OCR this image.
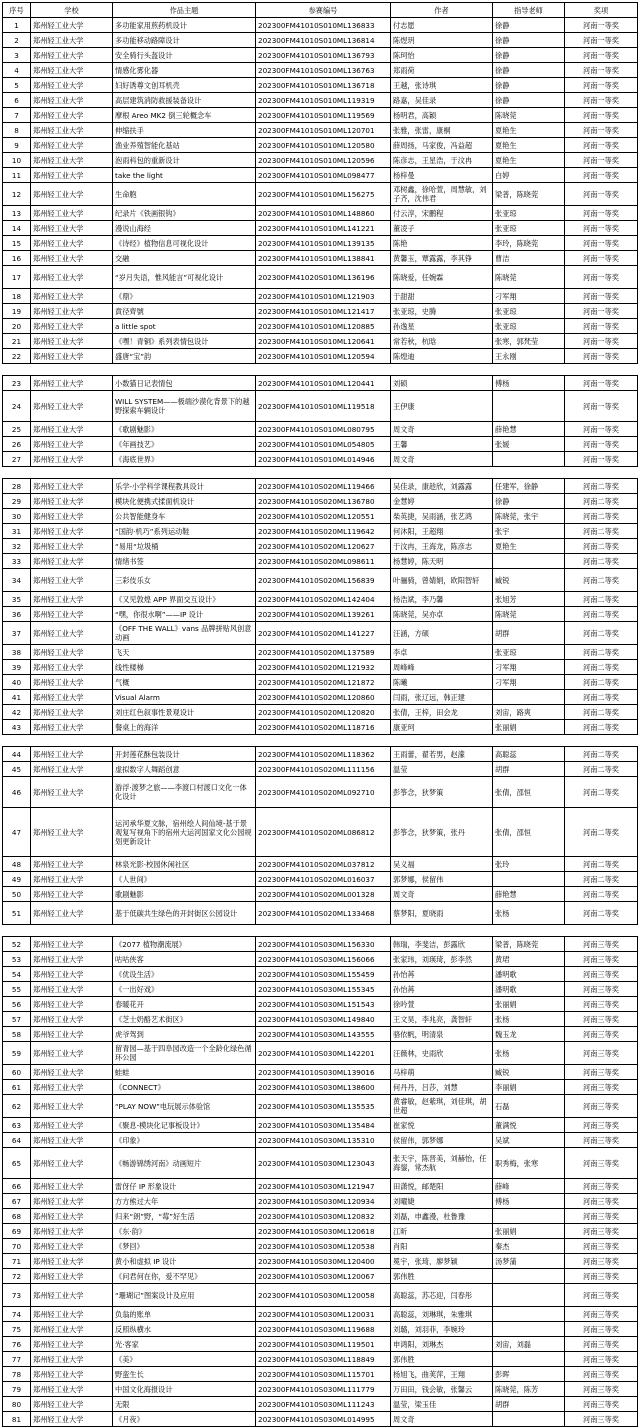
序号	学校	作品主题	参赛编号	作者	指导老师	奖项
1	郑州轻工业大学	多功能家用煎药机设计	202300FM41010S010ML136833	付志愿	徐静	河南一等奖
2	郑州轻工业大学	多功能移动路障设计	202300FM41010S010ML136814	陈煜玥	徐静	河南一等奖
3	郑州轻工业大学	安全骑行头盔设计	202300FM41010S010ML136793	陈珂怡	徐静	河南一等奖
4	郑州轻工业大学	情感化雾化器	202300FM41010S010ML136763	郑雨荷	徐静	河南一等奖
5	郑州轻工业大学	妇好诱尊文创耳机壳	202300FM41010S010ML136718	王越，张诗琪	徐静	河南一等奖
6	郑州轻工业大学	高层建筑消防救援装备设计	202300FM41010S010ML119319	路嘉，吴佳录	徐静	河南一等奖
7	郑州轻工业大学	摩根 Areo MK2 倒三轮概念车	202300FM41010S010ML119569	杨明君，高颖	陈晓莞	河南一等奖
8	郑州轻工业大学	伸缩扶手	202300FM41010S010ML120701	张雅，张雷，康桐	夏艳生	河南一等奖
9	郑州轻工业大学	渔业养殖智能化基站	202300FM41010S010ML120580	薛周扬，马家俊，冯益超	夏艳生	河南一等奖
10	郑州轻工业大学	泡雨科包的重新设计	202300FM41010S010ML120596	陈彦志，王星浩，于汶冉	夏艳生	河南一等奖
11	郑州轻工业大学	take the light	202300FM41010S010ML098477	杨梓曼	白婷	河南一等奖
12	郑州轻工业大学	生命胞	202300FM41010S010ML156275	邓树鑫，徐哈萱，周慧敏，刘子齐，沈伟君	梁普，陈晓莞	河南一等奖
13	郑州轻工业大学	纪录片《铁画银钩》	202300FM41010S010ML148860	付云淳，宋鹏程	张亚琼	河南一等奖
14	郑州轻工业大学	漫说山海经	202300FM41010S010ML141221	董凌子	张亚琼	河南一等奖
15	郑州轻工业大学	《诗经》植物信息可视化设计	202300FM41010S010ML139135	陈艳	李玲，陈晓莞	河南一等奖
16	郑州轻工业大学	交融	202300FM41010S010ML138841	黄馨玉，覃露露，李其铮	曹洁	河南一等奖
17	郑州轻工业大学	“岁月失语，惟风能言”可视化设计	202300FM41020S010ML136196	陈晓爱，任婉霖	陈晓莞	河南一等奖
18	郑州轻工业大学	《鼎》	202300FM41010S010ML121903	于甜甜	刁军翔	河南一等奖
19	郑州轻工业大学	賁径齊號	202300FM41010S010ML121417	张亚琼，史腾	张亚琼	河南一等奖
20	郑州轻工业大学	a little spot	202300FM41010S010ML120885	孙逸星	张亚琼	河南一等奖
21	郑州轻工业大学	《嘿！青铜》系列表情包设计	202300FM41010S010ML120641	常若秋，杭晗	张寒，郭梵莹	河南一等奖
22	郑州轻工业大学	盛唐“宝”韵	202300FM41010S010ML120594	陈煌迪	王永刚	河南一等奖

23	郑州轻工业大学	小数猫日记表情包	202300FM41010S010ML120441	刘硕	傅杨	河南一等奖
24	郑州轻工业大学	WILL SYSTEM——极端沙漠化背景下的越野探索车辆设计	202300FM41010S010ML119518	王伊康		河南一等奖
25	郑州轻工业大学	《歌剧魅影》	202300FM41010S010ML080795	周文奇	薛艳慧	河南一等奖
26	郑州轻工业大学	《年画技艺》	202300FM41010S010ML054805	王馨	张媛	河南一等奖
27	郑州轻工业大学	《海底世界》	202300FM41010S010ML014946	周文奇		河南一等奖

28	郑州轻工业大学	乐学-小学科学课程教具设计	202300FM41010S020ML119466	吴佳录，康趁欣，刘露露	任建军，徐静	河南二等奖
29	郑州轻工业大学	模块化便携式揉面机设计	202300FM41010S020ML136780	金慧婷	徐静	河南二等奖
30	郑州轻工业大学	公共智能健身车	202300FM41010S020ML120551	柴英捷，吴雨涵，张艺鸿	陈晓莞，张宇	河南二等奖
31	郑州轻工业大学	“国韵·机巧”系列运动鞋	202300FM41010S020ML119642	何沐阳，王超翔	张宇	河南二等奖
32	郑州轻工业大学	“易用“垃圾桶	202300FM41010S020ML120627	于汶冉，王海龙，陈彦志	夏艳生	河南二等奖
33	郑州轻工业大学	情绪书签	202300FM41010S020ML098611	杨慧婷，陈天明		河南二等奖
34	郑州轻工业大学	三彩伎乐女	202300FM41010S020ML156839	叶骊骑，曾婧娟，欧阳智轩	臧锐	河南二等奖
35	郑州轻工业大学	《又见敦煌 APP 界面交互设计》	202300FM41010S020ML142404	杨浩斌，李乃馨	张旭芳	河南二等奖
36	郑州轻工业大学	“嘿，你很水啊”——IP 设计	202300FM41010S020ML139261	陈晓莞，吴亦卓	陈晓莞	河南二等奖
37	郑州轻工业大学	《OFF THE WALL》vans 品牌拼贴风创意动画	202300FM41010S020ML141227	汪涵，方硕	胡群	河南二等奖
38	郑州轻工业大学	飞天	202300FM41010S020ML137589	李卓	张亚琼	河南二等奖
39	郑州轻工业大学	线性楼梯	202300FM41010S020ML121932	周峰峰	刁军翔	河南二等奖
40	郑州轻工业大学	气概	202300FM41010S020ML121872	陈曦	刁军翔	河南二等奖
41	郑州轻工业大学	Visual Alarm	202300FM41010S020ML120860	闫雨，张辽远，韩正建		河南二等奖
42	郑州轻工业大学	刘庄红色叙事性景观设计	202300FM41010S020ML120820	张倩，王梓，田会龙	刘宙，路爽	河南二等奖
43	郑州轻工业大学	餐桌上的海洋	202300FM41010S020ML118716	康亚珂	张丽娟	河南二等奖

44	郑州轻工业大学	开封莲花酥包装设计	202300FM41010S020ML118362	王雨蕾，翟若男，赵濛	高聪蕊	河南二等奖
45	郑州轻工业大学	虚拟数字人舞蹈创意	202300FM41010S020ML111156	温莹	胡群	河南二等奖
46	郑州轻工业大学	游浮·渡梦之旅——李渡口村渡口文化一体化设计	202300FM41010S020ML092710	彭筝念，狄梦策	张倩，邵恒	河南二等奖
47	郑州轻工业大学	运河承华夏文脉，宿州绘人间仙境-基于景观复写视角下的宿州大运河国家文化公园规划更新设计	202300FM41010S020ML086812	彭筝念，狄梦策，张丹	张倩，邵恒	河南二等奖
48	郑州轻工业大学	林泉光影·校园休闲社区	202300FM41010S020ML037812	吴义福	张玲	河南二等奖
49	郑州轻工业大学	《人世间》	202300FM41010S020ML016037	郭梦娜，侯留伟		河南二等奖
50	郑州轻工业大学	歌剧魅影	202300FM41010S020ML001328	周文奇	薛艳慧	河南二等奖
51	郑州轻工业大学	基于低碳共生绿色的开封街区公园设计	202300FM41010S020ML133468	蔡梦阳，夏晓雨	张杨	河南二等奖

52	郑州轻工业大学	《2077 植物潮流展》	202300FM41010S030ML156330	韩瑞，李斐洁，彭露欣	梁普，陈晓莞	河南三等奖
53	郑州轻工业大学	咕咕侠客	202300FM41010S030ML156066	张家玮，刘瑛琦，彭李然	黄珺	河南三等奖
54	郑州轻工业大学	《优设生活》	202300FM41010S030ML155459	孙怡苒	潘明歌	河南三等奖
55	郑州轻工业大学	《一出好戏》	202300FM41010S030ML155345	孙怡苒	潘明歌	河南三等奖
56	郑州轻工业大学	春暖花开	202300FM41010S030ML151543	徐吟萱	张丽娟	河南三等奖
57	郑州轻工业大学	《芝士奶酪艺术街区》	202300FM41010S030ML149840	王文昊，李兆亮，龚智轩	张杨	河南三等奖
58	郑州轻工业大学	虎爷驾到	202300FM41010S030ML143555	骆依帆，明清泉	魏玉龙	河南三等奖
59	郑州轻工业大学	留青园—基于四阜园改造一个全龄化绿色循环公园	202300FM41010S030ML142201	汪薇林，史雨欣	张杨	河南三等奖
60	郑州轻工业大学	蛙蛙	202300FM41010S030ML139016	马梓萌	臧锐	河南三等奖
61	郑州轻工业大学	《CONNECT》	202300FM41010S030ML138600	何丹丹，吕莎，刘慧	李丽娟	河南三等奖
62	郑州轻工业大学	“PLAY NOW”电玩展示体验馆	202300FM41010S030ML135535	黄睿敏，赵紫琪，刘佳琪，胡世超	石磊	河南三等奖
63	郑州轻工业大学	《聚息-模块化记事板设计》	202300FM41010S030ML135484	崔家悦	董满悦	河南三等奖
64	郑州轻工业大学	《印象》	202300FM41010S030ML135310	侯留伟，郭梦娜	吴斌	河南三等奖
65	郑州轻工业大学	《畅游锦绣河南》动画短片	202300FM41010S030ML123043	张天宇，陈晋美，刘赫怡，任海鋆，常杰航	职秀梅，张寒	河南三等奖
66	郑州轻工业大学	雷伢仔 IP 形象设计	202300FM41010S030ML121947	田潇悦，邮楚阳	薛峰	河南三等奖
67	郑州轻工业大学	方方熊过大年	202300FM41010S030ML120934	刘曜婕	傅杨	河南三等奖
68	郑州轻工业大学	归来“朗”野，“莓”好生活	202300FM41010S030ML120832	刘磊，申鑫漫，杜鲁豫		河南三等奖
69	郑州轻工业大学	《东·韵》	202300FM41010S030ML120618	江昕	张丽娟	河南三等奖
70	郑州轻工业大学	《梦回》	202300FM41010S030ML120538	肖阳	秦杰	河南三等奖
71	郑州轻工业大学	黄小和虚拟 IP 设计	202300FM41010S030ML120400	冕宇，张琦，廖梦颖	汤梦蒲	河南三等奖
72	郑州轻工业大学	《问君何在你，爱不罕见》	202300FM41010S030ML120067	郭伟胜		河南三等奖
73	郑州轻工业大学	“珊瑚记”图案设计及应用	202300FM41010S030ML120058	高聪蕊，苏芯迎，闫春彤		河南三等奖
74	郑州轻工业大学	负翁的账单	202300FM41010S030ML120031	高聪蕊，刘琳琪，朱雅琪		河南三等奖
75	郑州轻工业大学	反照纵横水	202300FM41010S030ML119688	刘璐，刘羽菲，李婉玲		河南三等奖
76	郑州轻工业大学	光·客家	202300FM41010S030ML119501	申鸿阳，刘琳杰	刘宙，刘磊	河南三等奖
77	郑州轻工业大学	《美》	202300FM41010S030ML118849	郭伟胜		河南三等奖
78	郑州轻工业大学	野蛮生长	202300FM41010S030ML115701	杨旭飞，曲荚萍，王翔	彭晖	河南三等奖
79	郑州轻工业大学	中国文化海报设计	202300FM41010S030ML111779	万田田，钱会敏，张馨云	陈晓莞，陈芳	河南三等奖
80	郑州轻工业大学	无限	202300FM41010S030ML111243	温莹，梁玉佳	胡群	河南三等奖
81	郑州轻工业大学	《月夜》	202300FM41010S030ML014995	周文奇		河南三等奖
